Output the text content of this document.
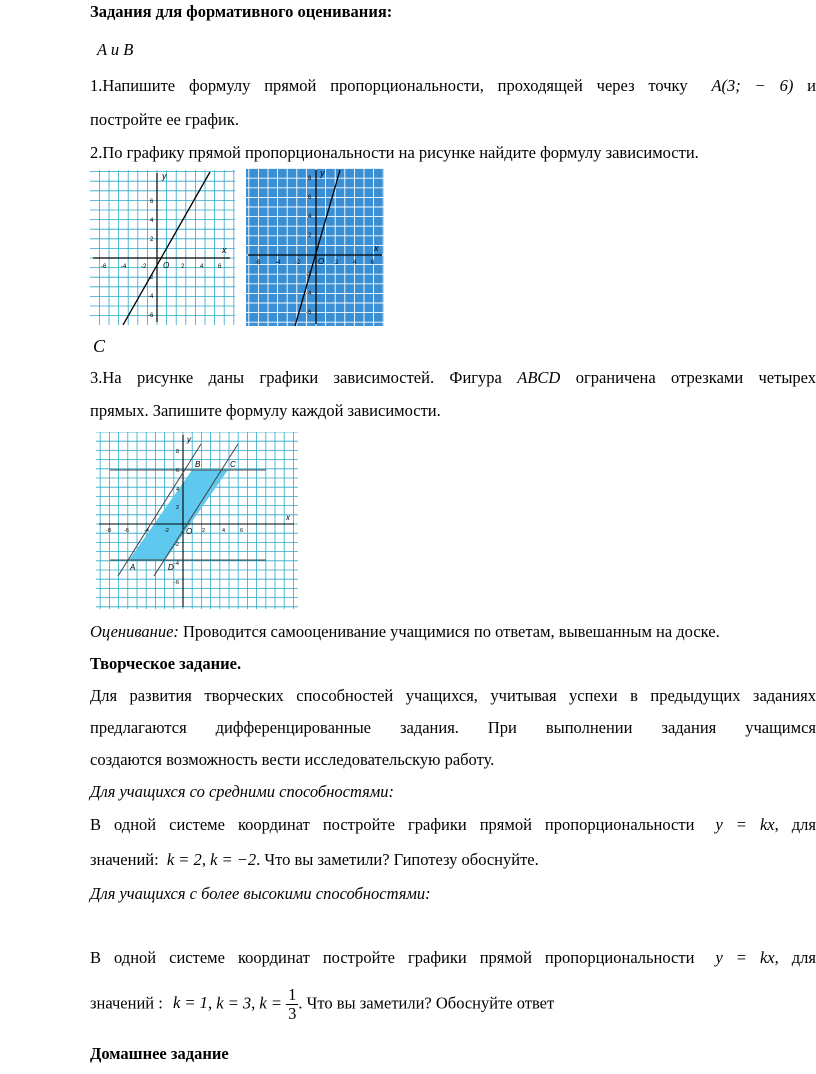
Задания для формативного оценивания:
A и B
1.Напишите формулу прямой пропорциональности, проходящей через точку A(3; − 6) и
постройте ее график.
2.По графику прямой пропорциональности на рисунке найдите формулу зависимости.
x
y
O
-6 -4 -2	2	4 6
6
4
2
-2
-4
-6
x
y
O
-6 -4 -2	2 4 6
8
6
4
2
-2
-4
-6
C
3.На рисунке даны графики зависимостей. Фигура ABCD ограничена отрезками четырех
прямых. Запишите формулу каждой зависимости.
x
y
O
A
B	C
D
-8 -6	-4	-2	2	4	6
8
6
4
2
-2
-4
-6
Оценивание: Проводится самооценивание учащимися по ответам, вывешанным на доске.
Творческое задание.
Для развития творческих способностей учащихся, учитывая успехи в предыдущих заданиях
предлагаются дифференцированные задания. При выполнении задания учащимся
создаются возможность вести исследовательскую работу.
Для учащихся со средними способностями:
В одной системе координат постройте графики прямой пропорциональности y = kx, для
значений: k = 2, k = −2. Что вы заметили? Гипотезу обоснуйте.
Для учащихся с более высокими способностями:
В одной системе координат постройте графики прямой пропорциональности y = kx, для
значений : k = 1, k = 3, $k = \frac{1}{3}$ . Что вы заметили? Обоснуйте ответ
Домашнее задание
